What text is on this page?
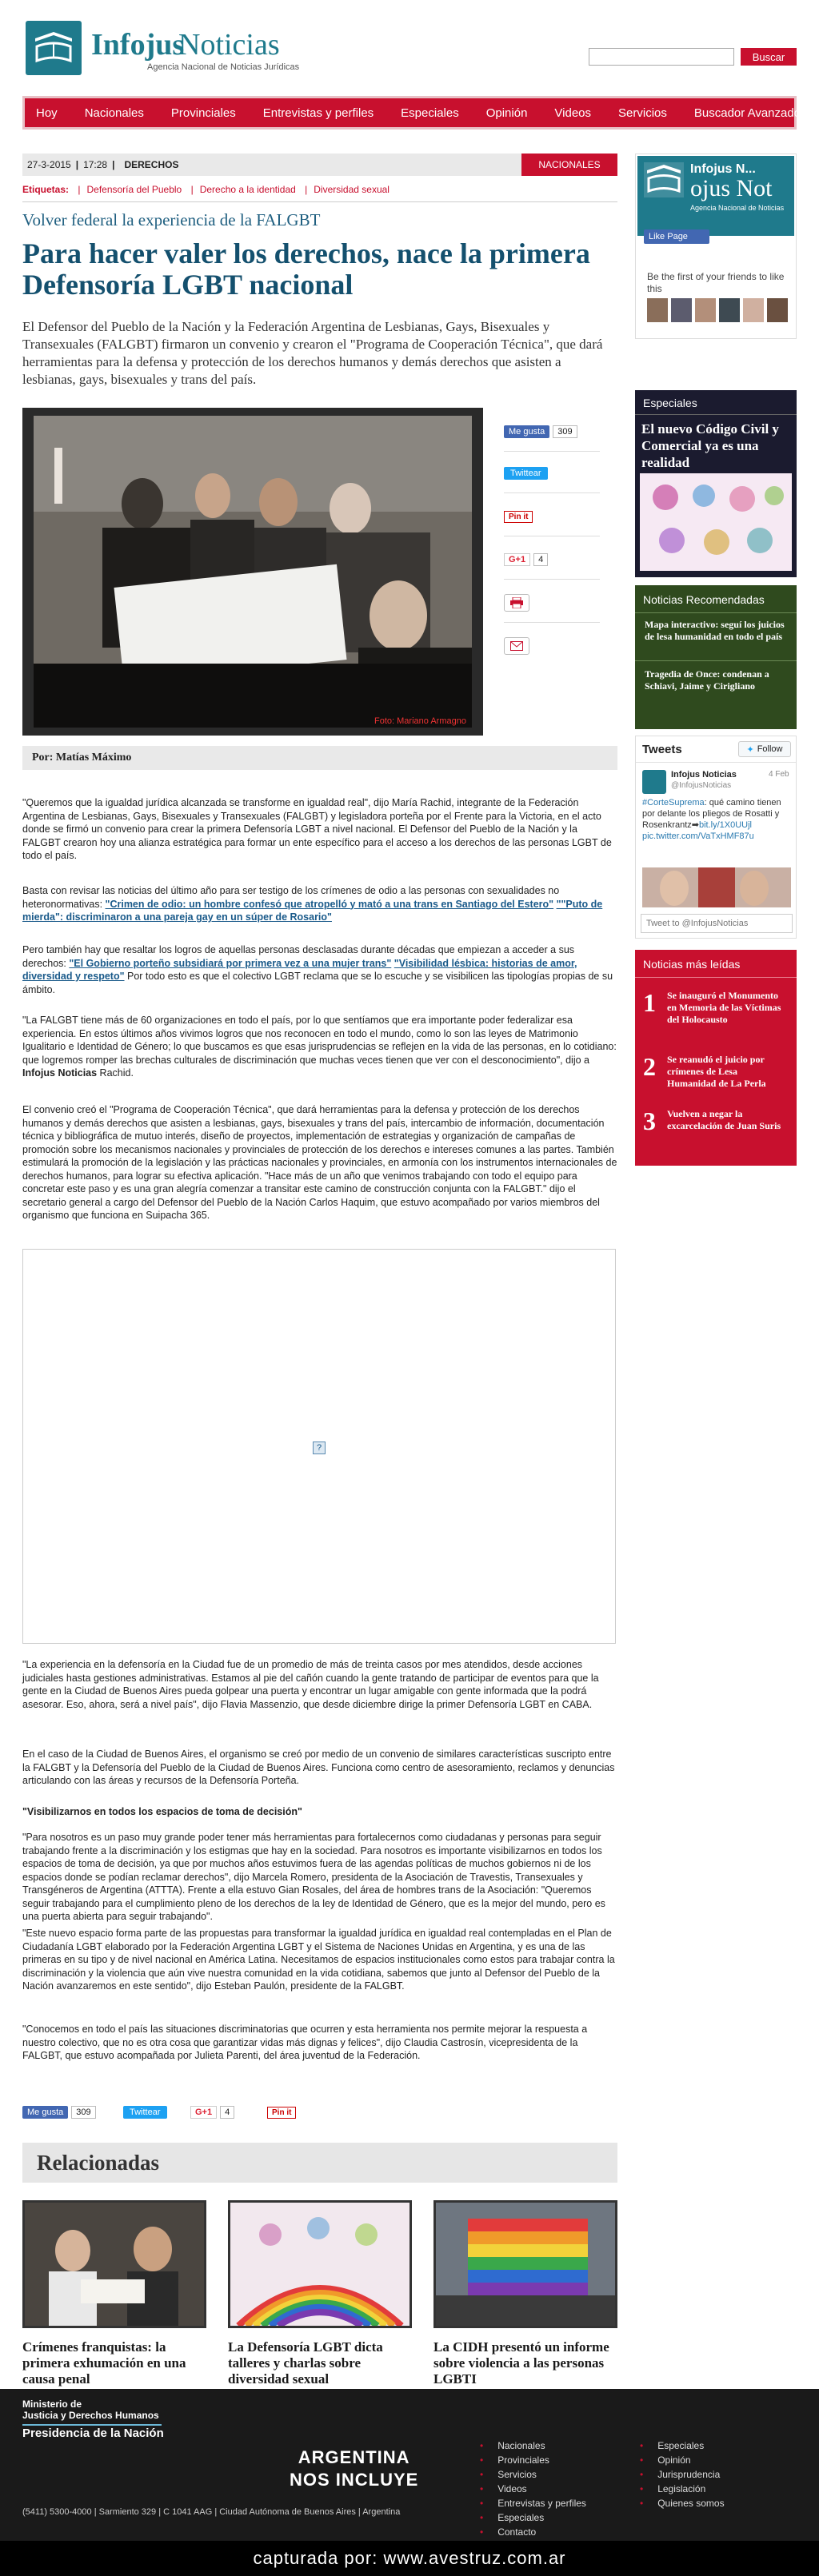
Infojus
Noticias
Agencia Nacional de Noticias Jurídicas
Buscar
Hoy Nacionales Provinciales Entrevistas y perfiles Especiales Opinión Videos Servicios Buscador Avanzado
27-3-2015 | 17:28 | DERECHOS	NACIONALES
Etiquetas: | Defensoría del Pueblo | Derecho a la identidad | Diversidad sexual
Volver federal la experiencia de la FALGBT
Para hacer valer los derechos, nace la primera Defensoría LGBT nacional

El Defensor del Pueblo de la Nación y la Federación Argentina de Lesbianas, Gays, Bisexuales y Transexuales (FALGBT) firmaron un convenio y crearon el "Programa de Cooperación Técnica", que dará herramientas para la defensa y protección de los derechos humanos y demás derechos que asisten a lesbianas, gays, bisexuales y trans del país.

Foto: Mariano Armagno
Me gusta	309
Twittear
Pin it
G+1	4
Por: Matías Máximo

"Queremos que la igualdad jurídica alcanzada se transforme en igualdad real", dijo María Rachid, integrante de la Federación Argentina de Lesbianas, Gays, Bisexuales y Transexuales (FALGBT) y legisladora porteña por el Frente para la Victoria, en el acto donde se firmó un convenio para crear la primera Defensoría LGBT a nivel nacional. El Defensor del Pueblo de la Nación y la FALGBT crearon hoy una alianza estratégica para formar un ente específico para el acceso a los derechos de las personas LGBT de todo el país.

Basta con revisar las noticias del último año para ser testigo de los crímenes de odio a las personas con sexualidades no heteronormativas: "Crimen de odio: un hombre confesó que atropelló y mató a una trans en Santiago del Estero" ""Puto de mierda": discriminaron a una pareja gay en un súper de Rosario"

Pero también hay que resaltar los logros de aquellas personas desclasadas durante décadas que empiezan a acceder a sus derechos: "El Gobierno porteño subsidiará por primera vez a una mujer trans" "Visibilidad lésbica: historias de amor, diversidad y respeto" Por todo esto es que el colectivo LGBT reclama que se lo escuche y se visibilicen las tipologías propias de su ámbito.

"La FALGBT tiene más de 60 organizaciones en todo el país, por lo que sentíamos que era importante poder federalizar esa experiencia. En estos últimos años vivimos logros que nos reconocen en todo el mundo, como lo son las leyes de Matrimonio Igualitario e Identidad de Género; lo que buscamos es que esas jurisprudencias se reflejen en la vida de las personas, en lo cotidiano: que logremos romper las brechas culturales de discriminación que muchas veces tienen que ver con el desconocimiento", dijo a Infojus Noticias Rachid.

El convenio creó el "Programa de Cooperación Técnica", que dará herramientas para la defensa y protección de los derechos humanos y demás derechos que asisten a lesbianas, gays, bisexuales y trans del país, intercambio de información, documentación técnica y bibliográfica de mutuo interés, diseño de proyectos, implementación de estrategias y organización de campañas de promoción sobre los mecanismos nacionales y provinciales de protección de los derechos e intereses comunes a las partes. También estimulará la promoción de la legislación y las prácticas nacionales y provinciales, en armonía con los instrumentos internacionales de derechos humanos, para lograr su efectiva aplicación. "Hace más de un año que venimos trabajando con todo el equipo para concretar este paso y es una gran alegría comenzar a transitar este camino de construcción conjunta con la FALGBT." dijo el secretario general a cargo del Defensor del Pueblo de la Nación Carlos Haquim, que estuvo acompañado por varios miembros del organismo que funciona en Suipacha 365.

?

"La experiencia en la defensoría en la Ciudad fue de un promedio de más de treinta casos por mes atendidos, desde acciones judiciales hasta gestiones administrativas. Estamos al pie del cañón cuando la gente tratando de participar de eventos para que la gente en la Ciudad de Buenos Aires pueda golpear una puerta y encontrar un lugar amigable con gente informada que la podrá asesorar. Eso, ahora, será a nivel país", dijo Flavia Massenzio, que desde diciembre dirige la primer Defensoría LGBT en CABA.

En el caso de la Ciudad de Buenos Aires, el organismo se creó por medio de un convenio de similares características suscripto entre la FALGBT y la Defensoría del Pueblo de la Ciudad de Buenos Aires. Funciona como centro de asesoramiento, reclamos y denuncias articulando con las áreas y recursos de la Defensoría Porteña.

"Visibilizarnos en todos los espacios de toma de decisión"

"Para nosotros es un paso muy grande poder tener más herramientas para fortalecernos como ciudadanas y personas para seguir trabajando frente a la discriminación y los estigmas que hay en la sociedad. Para nosotros es importante visibilizarnos en todos los espacios de toma de decisión, ya que por muchos años estuvimos fuera de las agendas políticas de muchos gobiernos ni de los espacios donde se podían reclamar derechos", dijo Marcela Romero, presidenta de la Asociación de Travestis, Transexuales y Transgéneros de Argentina (ATTTA). Frente a ella estuvo Gian Rosales, del área de hombres trans de la Asociación: "Queremos seguir trabajando para el cumplimiento pleno de los derechos de la ley de Identidad de Género, que es la mejor del mundo, pero es una puerta abierta para seguir trabajando".

"Este nuevo espacio forma parte de las propuestas para transformar la igualdad jurídica en igualdad real contempladas en el Plan de Ciudadanía LGBT elaborado por la Federación Argentina LGBT y el Sistema de Naciones Unidas en Argentina, y es una de las primeras en su tipo y de nivel nacional en América Latina. Necesitamos de espacios institucionales como estos para trabajar contra la discriminación y la violencia que aún vive nuestra comunidad en la vida cotidiana, sabemos que junto al Defensor del Pueblo de la Nación avanzaremos en este sentido", dijo Esteban Paulón, presidente de la FALGBT.

"Conocemos en todo el país las situaciones discriminatorias que ocurren y esta herramienta nos permite mejorar la respuesta a nuestro colectivo, que no es otra cosa que garantizar vidas más dignas y felices", dijo Claudia Castrosín, vicepresidenta de la FALGBT, que estuvo acompañada por Julieta Parenti, del área juventud de la Federación.

Me gusta	309	Twittear	G+1	4	Pin it
Relacionadas
Crímenes franquistas: la primera exhumación en una causa penal
La Defensoría LGBT dicta talleres y charlas sobre diversidad sexual
La CIDH presentó un informe sobre violencia a las personas LGBTI
Infojus N...
ojus Not
Agencia Nacional de Noticias
Like Page
Be the first of your friends to like this
Especiales
El nuevo Código Civil y Comercial ya es una realidad
Noticias Recomendadas
Mapa interactivo: seguí los juicios de lesa humanidad en todo el país
Tragedia de Once: condenan a Schiavi, Jaime y Cirigliano
Tweets	✦ Follow
Infojus Noticias
@InfojusNoticias
4 Feb
#CorteSuprema: qué camino tienen por delante los pliegos de Rosatti y Rosenkrantz➡bit.ly/1X0UUjl pic.twitter.com/VaTxHMF87u
Tweet to @InfojusNoticias
Noticias más leídas
1 Se inauguró el Monumento en Memoria de las Víctimas del Holocausto
2 Se reanudó el juicio por crímenes de Lesa Humanidad de La Perla
3 Vuelven a negar la excarcelación de Juan Suris
Ministerio de
Justicia y Derechos Humanos
Presidencia de la Nación
ARGENTINA
NOS INCLUYE
(5411) 5300-4000 | Sarmiento 329 | C 1041 AAG | Ciudad Autónoma de Buenos Aires | Argentina
• Nacionales
• Provinciales
• Servicios
• Videos
• Entrevistas y perfiles
• Especiales
• Contacto
• Especiales
• Opinión
• Jurisprudencia
• Legislación
• Quienes somos
capturada por: www.avestruz.com.ar
